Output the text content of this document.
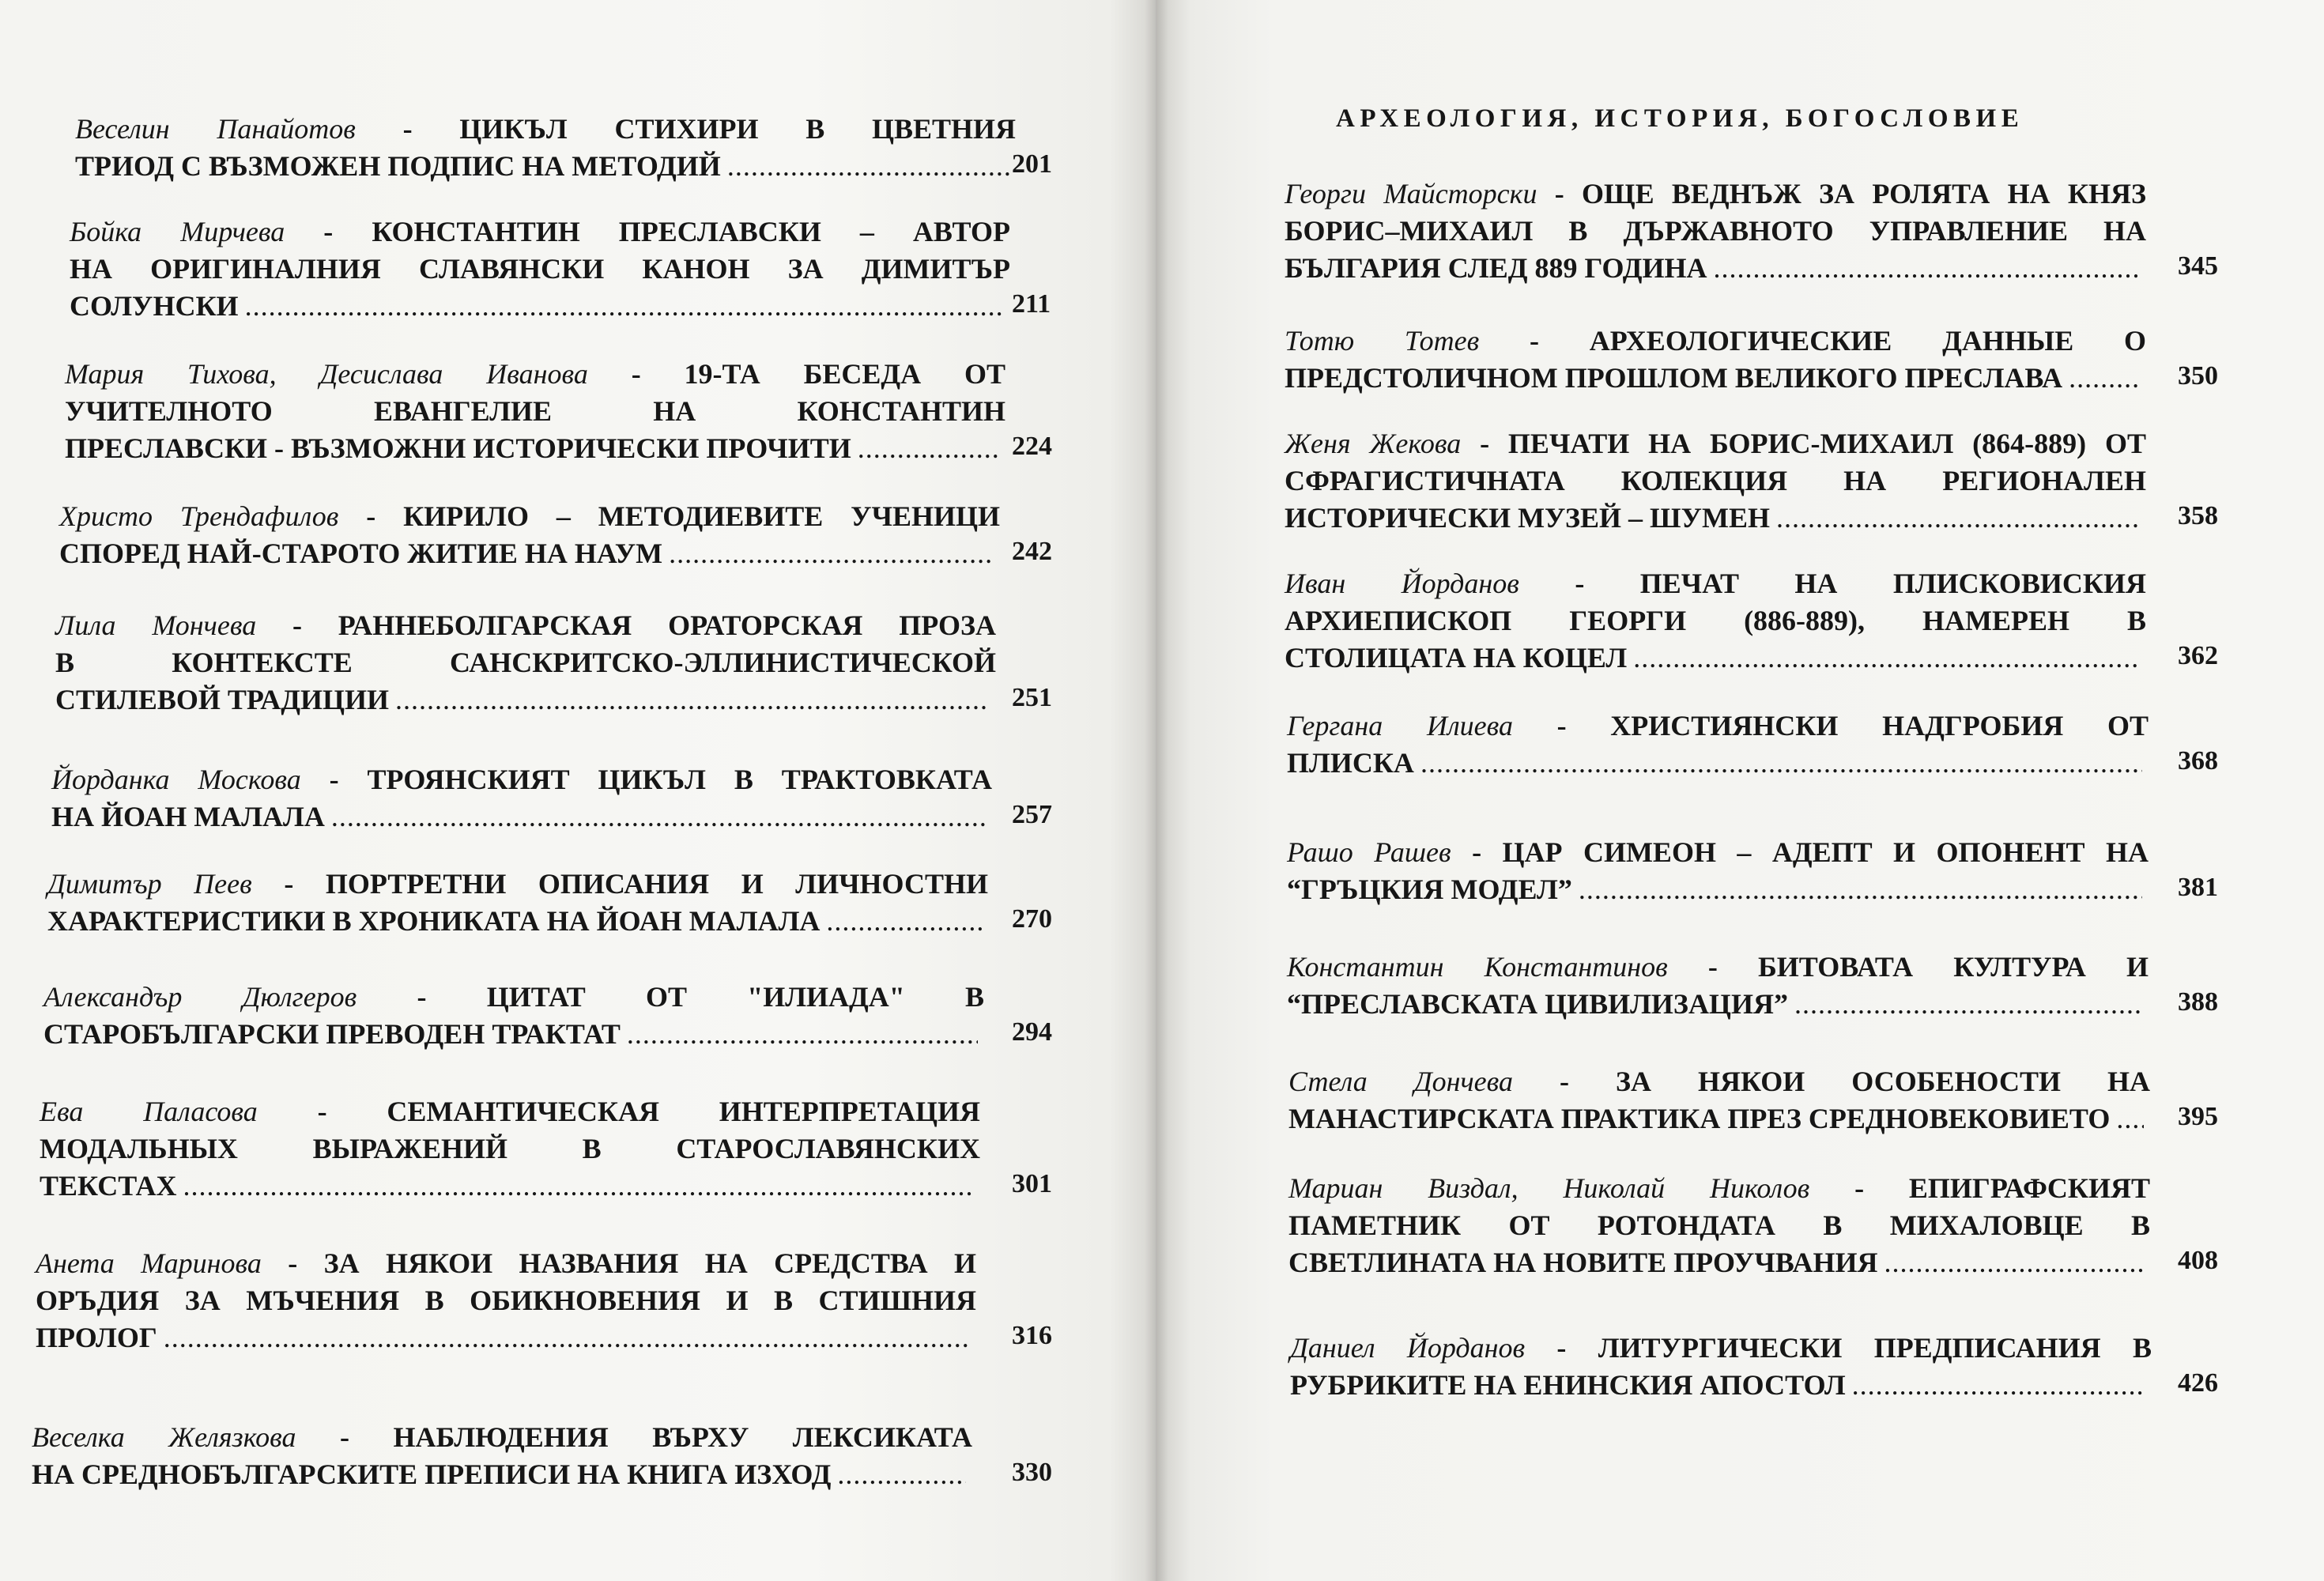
АРХЕОЛОГИЯ, ИСТОРИЯ, БОГОСЛОВИЕ
Веселин Панайотов - ЦИКЪЛ СТИХИРИ В ЦВЕТНИЯ
ТРИОД С ВЪЗМОЖЕН ПОДПИС НА МЕТОДИЙ .....	201
Бойка Мирчева - КОНСТАНТИН ПРЕСЛАВСКИ – АВТОР
НА ОРИГИНАЛНИЯ СЛАВЯНСКИ КАНОН ЗА ДИМИТЪР
СОЛУНСКИ .....	211
Мария Тихова, Десислава Иванова - 19-ТА БЕСЕДА ОТ
УЧИТЕЛНОТО ЕВАНГЕЛИЕ НА КОНСТАНТИН
ПРЕСЛАВСКИ - ВЪЗМОЖНИ ИСТОРИЧЕСКИ ПРОЧИТИ .....	224
Христо Трендафилов - КИРИЛО – МЕТОДИЕВИТЕ УЧЕНИЦИ
СПОРЕД НАЙ-СТАРОТО ЖИТИЕ НА НАУМ .....	242
Лила Мончева - РАННЕБОЛГАРСКАЯ ОРАТОРСКАЯ ПРОЗА
В КОНТЕКСТЕ САНСКРИТСКО-ЭЛЛИНИСТИЧЕСКОЙ
СТИЛЕВОЙ ТРАДИЦИИ .....	251
Йорданка Москова - ТРОЯНСКИЯТ ЦИКЪЛ В ТРАКТОВКАТА
НА ЙОАН МАЛАЛА .....	257
Димитър Пеев - ПОРТРЕТНИ ОПИСАНИЯ И ЛИЧНОСТНИ
ХАРАКТЕРИСТИКИ В ХРОНИКАТА НА ЙОАН МАЛАЛА .....	270
Александър Дюлгеров - ЦИТАТ ОТ "ИЛИАДА" В
СТАРОБЪЛГАРСКИ ПРЕВОДЕН ТРАКТАТ .....	294
Ева Паласова - СЕМАНТИЧЕСКАЯ ИНТЕРПРЕТАЦИЯ
МОДАЛЬНЫХ ВЫРАЖЕНИЙ В СТАРОСЛАВЯНСКИХ
ТЕКСТАХ .....	301
Анета Маринова - ЗА НЯКОИ НАЗВАНИЯ НА СРЕДСТВА И
ОРЪДИЯ ЗА МЪЧЕНИЯ В ОБИКНОВЕНИЯ И В СТИШНИЯ
ПРОЛОГ .....	316
Веселка Желязкова - НАБЛЮДЕНИЯ ВЪРХУ ЛЕКСИКАТА
НА СРЕДНОБЪЛГАРСКИТЕ ПРЕПИСИ НА КНИГА ИЗХОД .....	330
Георги Майсторски - ОЩЕ ВЕДНЪЖ ЗА РОЛЯТА НА КНЯЗ
БОРИС–МИХАИЛ В ДЪРЖАВНОТО УПРАВЛЕНИЕ НА
БЪЛГАРИЯ СЛЕД 889 ГОДИНА .....	345
Тотю Тотев - АРХЕОЛОГИЧЕСКИЕ ДАННЫЕ О
ПРЕДСТОЛИЧНОМ ПРОШЛОМ ВЕЛИКОГО ПРЕСЛАВА .....	350
Женя Жекова - ПЕЧАТИ НА БОРИС-МИХАИЛ (864-889) ОТ
СФРАГИСТИЧНАТА КОЛЕКЦИЯ НА РЕГИОНАЛЕН
ИСТОРИЧЕСКИ МУЗЕЙ – ШУМЕН .....	358
Иван Йорданов - ПЕЧАТ НА ПЛИСКОВИСКИЯ
АРХИЕПИСКОП ГЕОРГИ (886-889), НАМЕРЕН В
СТОЛИЦАТА НА КОЦЕЛ .....	362
Гергана Илиева - ХРИСТИЯНСКИ НАДГРОБИЯ ОТ
ПЛИСКА .....	368
Рашо Рашев - ЦАР СИМЕОН – АДЕПТ И ОПОНЕНТ НА
“ГРЪЦКИЯ МОДЕЛ” .....	381
Константин Константинов - БИТОВАТА КУЛТУРА И
“ПРЕСЛАВСКАТА ЦИВИЛИЗАЦИЯ” .....	388
Стела Дончева - ЗА НЯКОИ ОСОБЕНОСТИ НА
МАНАСТИРСКАТА ПРАКТИКА ПРЕЗ СРЕДНОВЕКОВИЕТО .....	395
Мариан Виздал, Николай Николов - ЕПИГРАФСКИЯТ
ПАМЕТНИК ОТ РОТОНДАТА В МИХАЛОВЦЕ В
СВЕТЛИНАТА НА НОВИТЕ ПРОУЧВАНИЯ .....	408
Даниел Йорданов - ЛИТУРГИЧЕСКИ ПРЕДПИСАНИЯ В
РУБРИКИТЕ НА ЕНИНСКИЯ АПОСТОЛ .....	426
